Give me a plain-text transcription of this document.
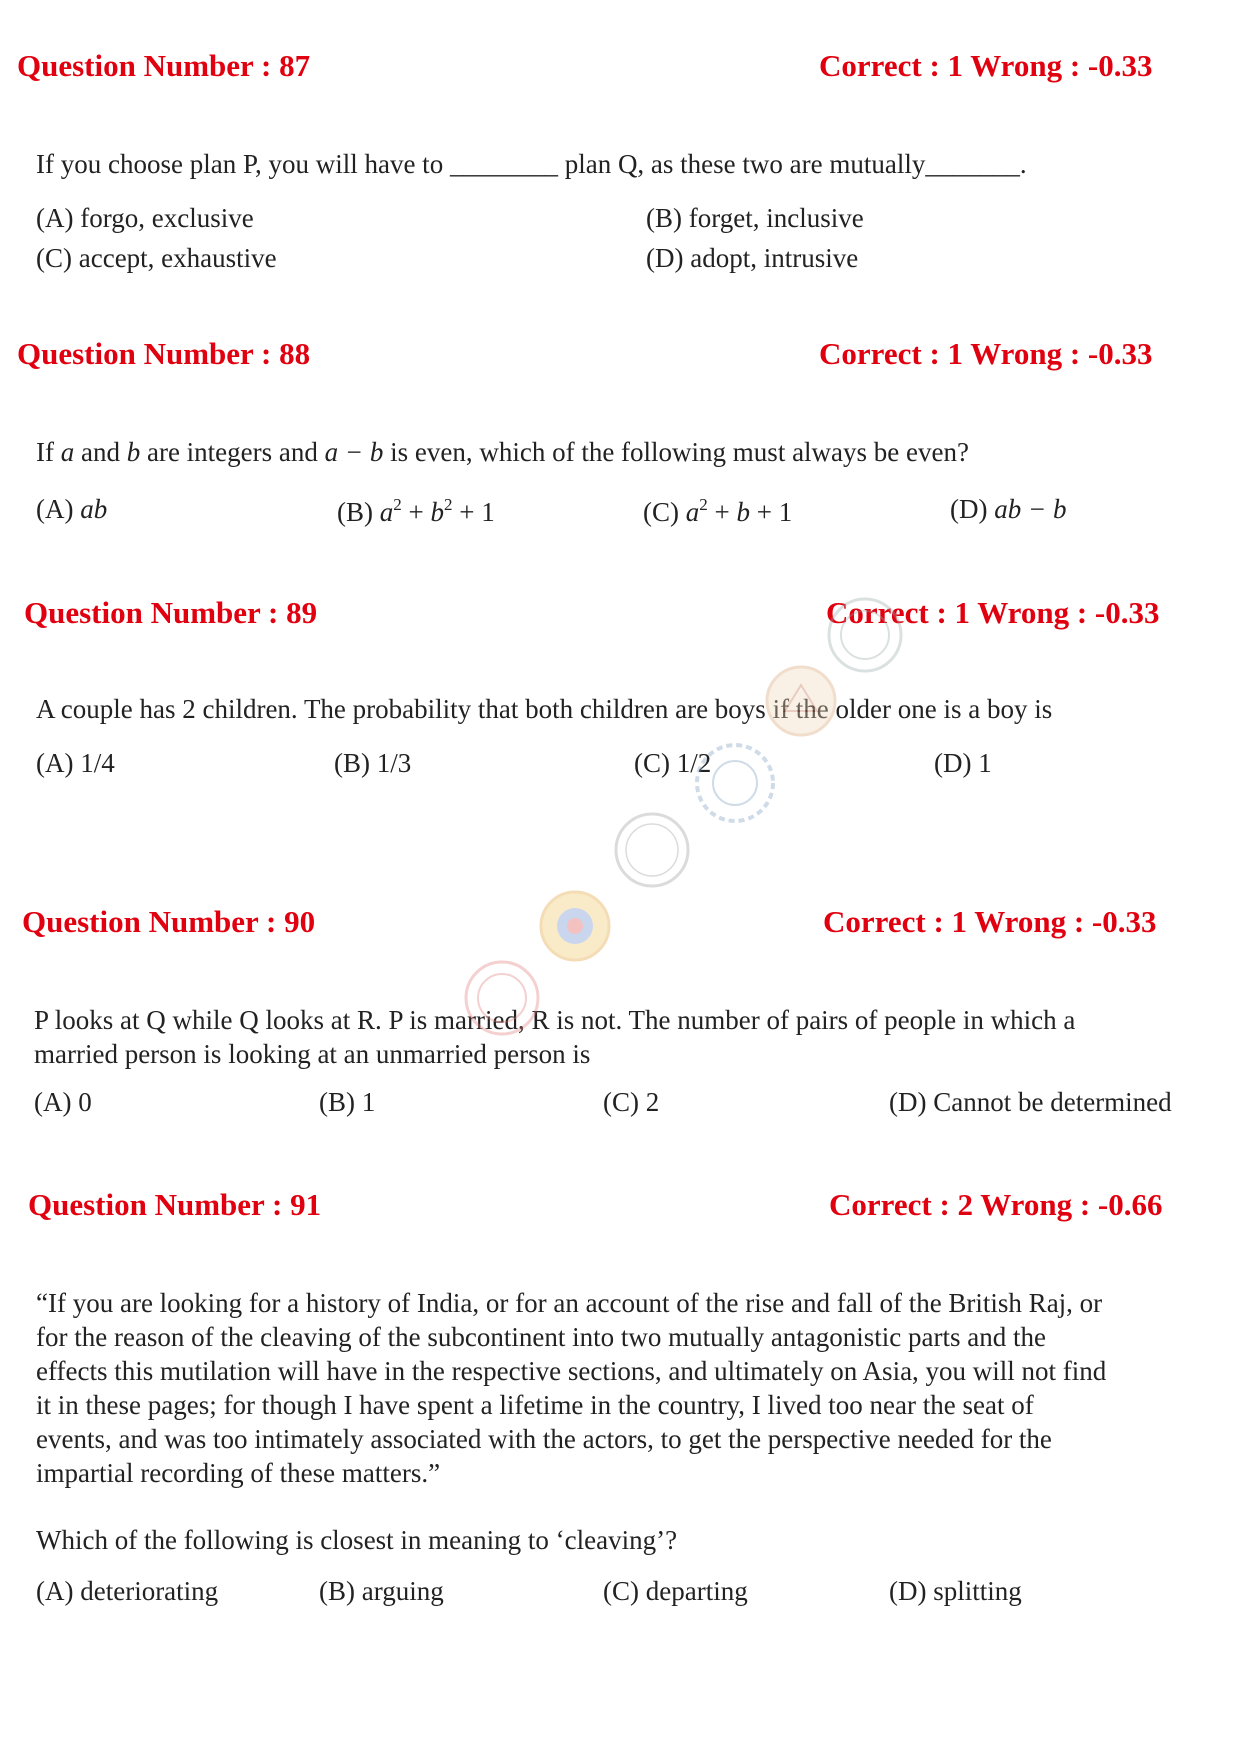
Question Number : 87	Correct : 1 Wrong : -0.33
If you choose plan P, you will have to ________ plan Q, as these two are mutually_______.
(A) forgo, exclusive	(B) forget, inclusive
(C) accept, exhaustive	(D) adopt, intrusive
Question Number : 88	Correct : 1 Wrong : -0.33
If a and b are integers and a − b is even, which of the following must always be even?
(A) ab	(B) $a^2 + b^2 + 1$	(C) $a^2 + b + 1$	(D) ab − b
Question Number : 89	Correct : 1 Wrong : -0.33
A couple has 2 children. The probability that both children are boys if the older one is a boy is
(A) 1/4	(B) 1/3	(C) 1/2	(D) 1
Question Number : 90	Correct : 1 Wrong : -0.33
P looks at Q while Q looks at R. P is married, R is not. The number of pairs of people in which a
married person is looking at an unmarried person is
(A) 0	(B) 1	(C) 2	(D) Cannot be determined
Question Number : 91	Correct : 2 Wrong : -0.66
“If you are looking for a history of India, or for an account of the rise and fall of the British Raj, or
for the reason of the cleaving of the subcontinent into two mutually antagonistic parts and the
effects this mutilation will have in the respective sections, and ultimately on Asia, you will not find
it in these pages; for though I have spent a lifetime in the country, I lived too near the seat of
events, and was too intimately associated with the actors, to get the perspective needed for the
impartial recording of these matters.”
Which of the following is closest in meaning to ‘cleaving’?
(A) deteriorating	(B) arguing	(C) departing	(D) splitting
